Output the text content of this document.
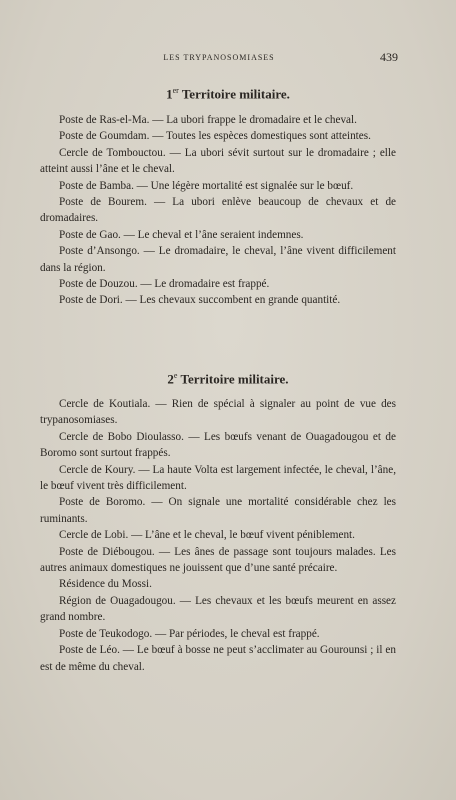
LES TRYPANOSOMIASES	439
1er Territoire militaire.

Poste de Ras-el-Ma. — La ubori frappe le dromadaire et le cheval.

Poste de Goumdam. — Toutes les espèces domestiques sont atteintes.

Cercle de Tombouctou. — La ubori sévit surtout sur le dromadaire ; elle atteint aussi l’âne et le cheval.

Poste de Bamba. — Une légère mortalité est signalée sur le bœuf.

Poste de Bourem. — La ubori enlève beaucoup de chevaux et de dromadaires.

Poste de Gao. — Le cheval et l’âne seraient indemnes.

Poste d’Ansongo. — Le dromadaire, le cheval, l’âne vivent difficilement dans la région.

Poste de Douzou. — Le dromadaire est frappé.

Poste de Dori. — Les chevaux succombent en grande quantité.

2e Territoire militaire.

Cercle de Koutiala. — Rien de spécial à signaler au point de vue des trypanosomiases.

Cercle de Bobo Dioulasso. — Les bœufs venant de Ouagadougou et de Boromo sont surtout frappés.

Cercle de Koury. — La haute Volta est largement infectée, le cheval, l’âne, le bœuf vivent très difficilement.

Poste de Boromo. — On signale une mortalité considérable chez les ruminants.

Cercle de Lobi. — L’âne et le cheval, le bœuf vivent péniblement.

Poste de Diébougou. — Les ânes de passage sont toujours malades. Les autres animaux domestiques ne jouissent que d’une santé précaire.

Résidence du Mossi.

Région de Ouagadougou. — Les chevaux et les bœufs meurent en assez grand nombre.

Poste de Teukodogo. — Par périodes, le cheval est frappé.

Poste de Léo. — Le bœuf à bosse ne peut s’acclimater au Gourounsi ; il en est de même du cheval.
